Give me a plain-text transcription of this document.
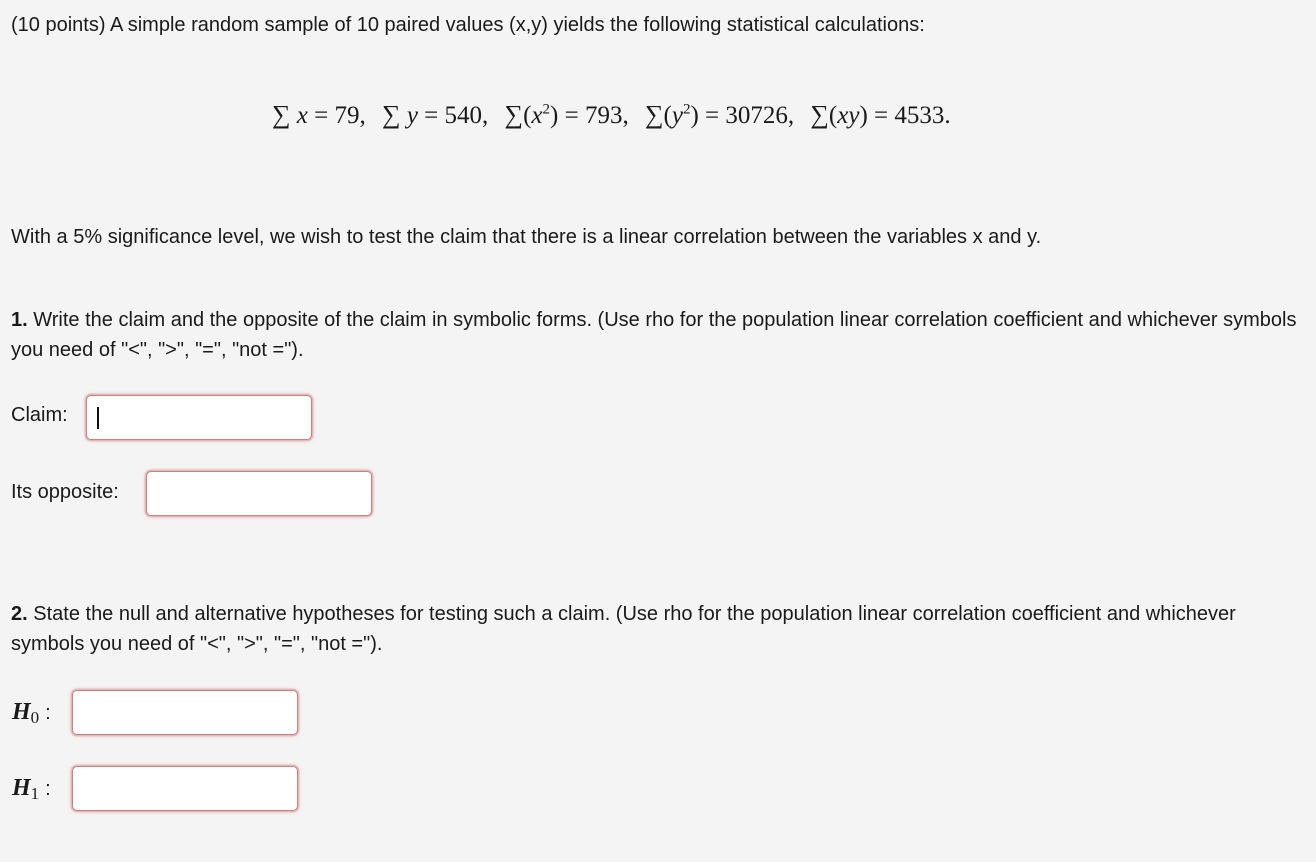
(10 points) A simple random sample of 10 paired values (x,y) yields the following statistical calculations:
∑ x = 79, ∑ y = 540, $\sum(x^2) = 793$, $\sum(y^2) = 30726$, ∑(xy) = 4533.
With a 5% significance level, we wish to test the claim that there is a linear correlation between the variables x and y.
1. Write the claim and the opposite of the claim in symbolic forms. (Use rho for the population linear correlation coefficient and whichever symbols you need of "<", ">", "=", "not =").
Claim:
Its opposite:
2. State the null and alternative hypotheses for testing such a claim. (Use rho for the population linear correlation coefficient and whichever symbols you need of "<", ">", "=", "not =").
$H_0$ :
$H_1$ :
